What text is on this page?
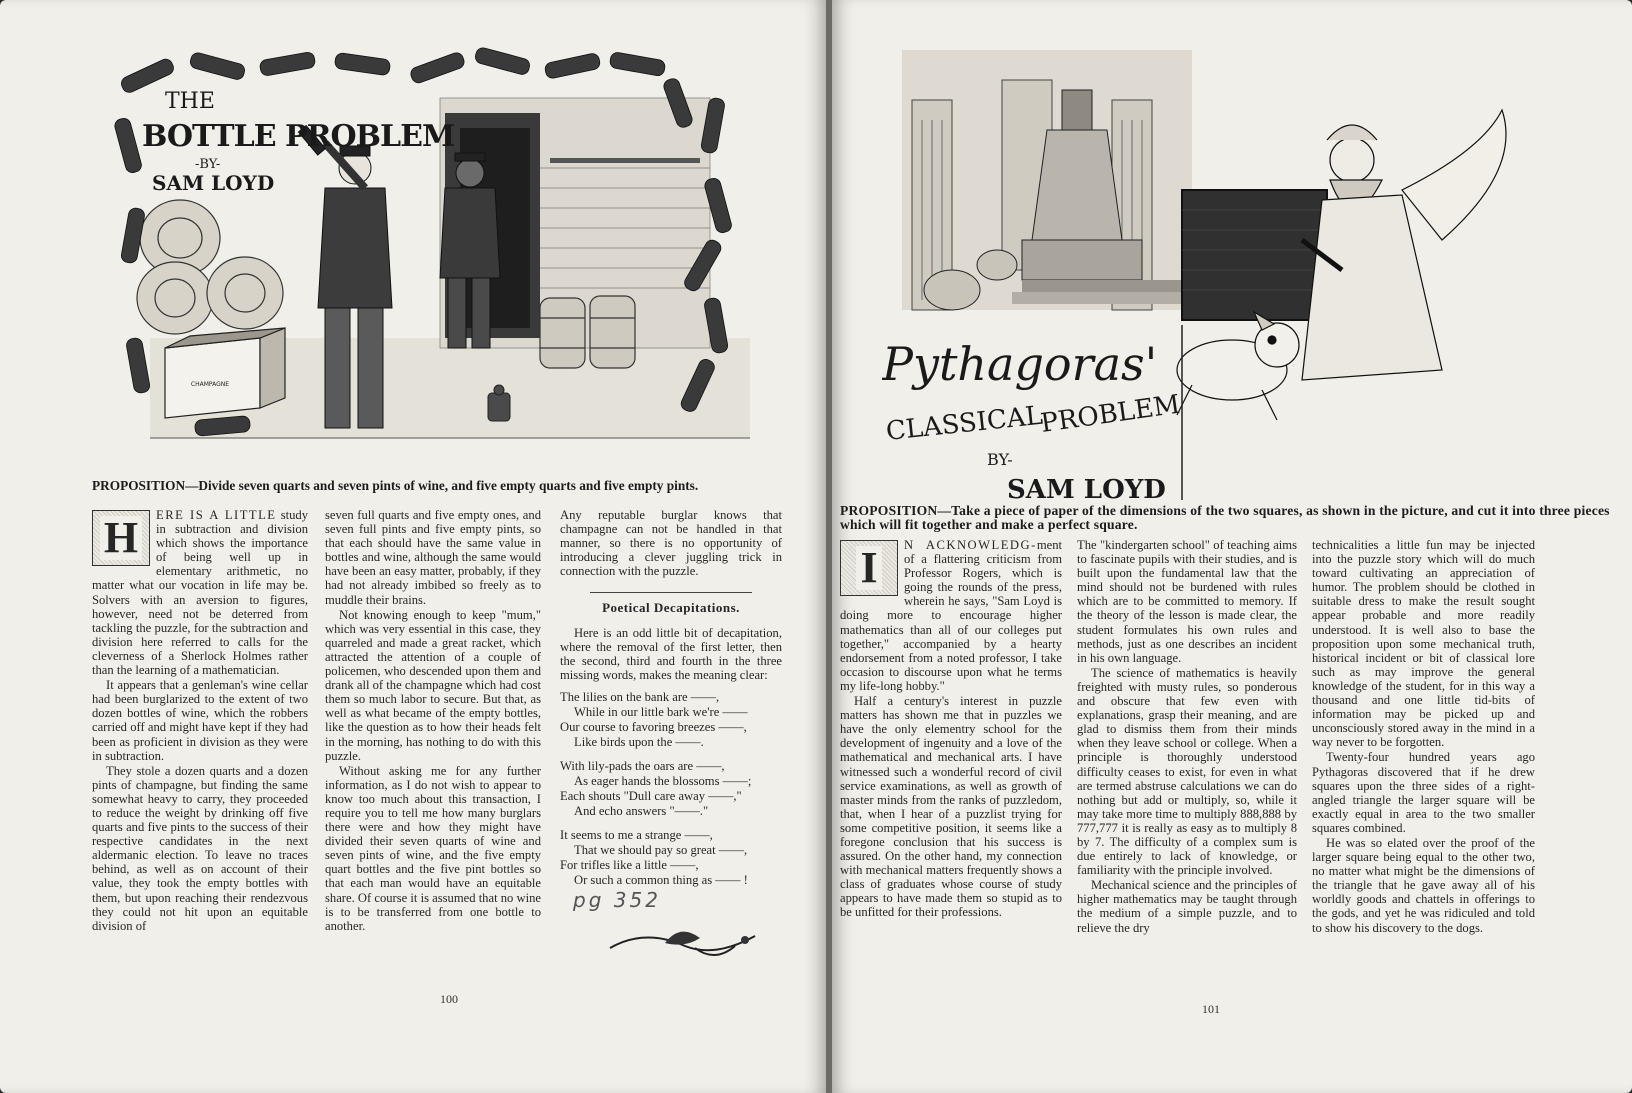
CHAMPAGNE
THE
BOTTLE PROBLEM
-BY-
SAM LOYD
PROPOSITION—Divide seven quarts and seven pints of wine, and five empty quarts and five empty pints.

H	ERE IS A LITTLE study in subtraction and division which shows the importance of being well up in elementary arithmetic, no matter what our vocation in life may be. Solvers with an aversion to figures, however, need not be deterred from tackling the puzzle, for the subtraction and division here referred to calls for the cleverness of a Sherlock Holmes rather than the learning of a mathematician.

It appears that a genleman's wine cellar had been burglarized to the extent of two dozen bottles of wine, which the robbers carried off and might have kept if they had been as proficient in division as they were in subtraction.

They stole a dozen quarts and a dozen pints of champagne, but finding the same somewhat heavy to carry, they proceeded to reduce the weight by drinking off five quarts and five pints to the success of their respective candidates in the next aldermanic election. To leave no traces behind, as well as on account of their value, they took the empty bottles with them, but upon reaching their rendezvous they could not hit upon an equitable division of

seven full quarts and five empty ones, and seven full pints and five empty pints, so that each should have the same value in bottles and wine, although the same would have been an easy matter, probably, if they had not already imbibed so freely as to muddle their brains.

Not knowing enough to keep "mum," which was very essential in this case, they quarreled and made a great racket, which attracted the attention of a couple of policemen, who descended upon them and drank all of the champagne which had cost them so much labor to secure. But that, as well as what became of the empty bottles, like the question as to how their heads felt in the morning, has nothing to do with this puzzle.

Without asking me for any further information, as I do not wish to appear to know too much about this transaction, I require you to tell me how many burglars there were and how they might have divided their seven quarts of wine and seven pints of wine, and the five empty quart bottles and the five pint bottles so that each man would have an equitable share. Of course it is assumed that no wine is to be transferred from one bottle to another.

Any reputable burglar knows that champagne can not be handled in that manner, so there is no opportunity of introducing a clever juggling trick in connection with the puzzle.

Poetical Decapitations.

Here is an odd little bit of decapitation, where the removal of the first letter, then the second, third and fourth in the three missing words, makes the meaning clear:

The lilies on the bank are ——,
While in our little bark we're ——
Our course to favoring breezes ——,
Like birds upon the ——.
With lily-pads the oars are ——,
As eager hands the blossoms ——;
Each shouts "Dull care away ——,"
And echo answers "——."
It seems to me a strange ——,
That we should pay so great ——,
For trifles like a little ——,
Or such a common thing as —— !
pg 352
100
Pythagoras'
CLASSICAL
PROBLEM
BY-
SAM LOYD
PROPOSITION—Take a piece of paper of the dimensions of the two squares, as shown in the picture, and cut it into three pieces which will fit together and make a perfect square.

I	N ACKNOWLEDG-ment of a flattering criticism from Professor Rogers, which is going the rounds of the press, wherein he says, "Sam Loyd is doing more to encourage higher mathematics than all of our colleges put together," accompanied by a hearty endorsement from a noted professor, I take occasion to discourse upon what he terms my life-long hobby."

Half a century's interest in puzzle matters has shown me that in puzzles we have the only elementry school for the development of ingenuity and a love of the mathematical and mechanical arts. I have witnessed such a wonderful record of civil service examinations, as well as growth of master minds from the ranks of puzzledom, that, when I hear of a puzzlist trying for some competitive position, it seems like a foregone conclusion that his success is assured. On the other hand, my connection with mechanical matters frequently shows a class of graduates whose course of study appears to have made them so stupid as to be unfitted for their professions.

The "kindergarten school" of teaching aims to fascinate pupils with their studies, and is built upon the fundamental law that the mind should not be burdened with rules which are to be committed to memory. If the theory of the lesson is made clear, the student formulates his own rules and methods, just as one describes an incident in his own language.

The science of mathematics is heavily freighted with musty rules, so ponderous and obscure that few even with explanations, grasp their meaning, and are glad to dismiss them from their minds when they leave school or college. When a principle is thoroughly understood difficulty ceases to exist, for even in what are termed abstruse calculations we can do nothing but add or multiply, so, while it may take more time to multiply 888,888 by 777,777 it is really as easy as to multiply 8 by 7. The difficulty of a complex sum is due entirely to lack of knowledge, or familiarity with the principle involved.

Mechanical science and the principles of higher mathematics may be taught through the medium of a simple puzzle, and to relieve the dry

technicalities a little fun may be injected into the puzzle story which will do much toward cultivating an appreciation of humor. The problem should be clothed in suitable dress to make the result sought appear probable and more readily understood. It is well also to base the proposition upon some mechanical truth, historical incident or bit of classical lore such as may improve the general knowledge of the student, for in this way a thousand and one little tid-bits of information may be picked up and unconsciously stored away in the mind in a way never to be forgotten.

Twenty-four hundred years ago Pythagoras discovered that if he drew squares upon the three sides of a right-angled triangle the larger square will be exactly equal in area to the two smaller squares combined.

He was so elated over the proof of the larger square being equal to the other two, no matter what might be the dimensions of the triangle that he gave away all of his worldly goods and chattels in offerings to the gods, and yet he was ridiculed and told to show his discovery to the dogs.

101
